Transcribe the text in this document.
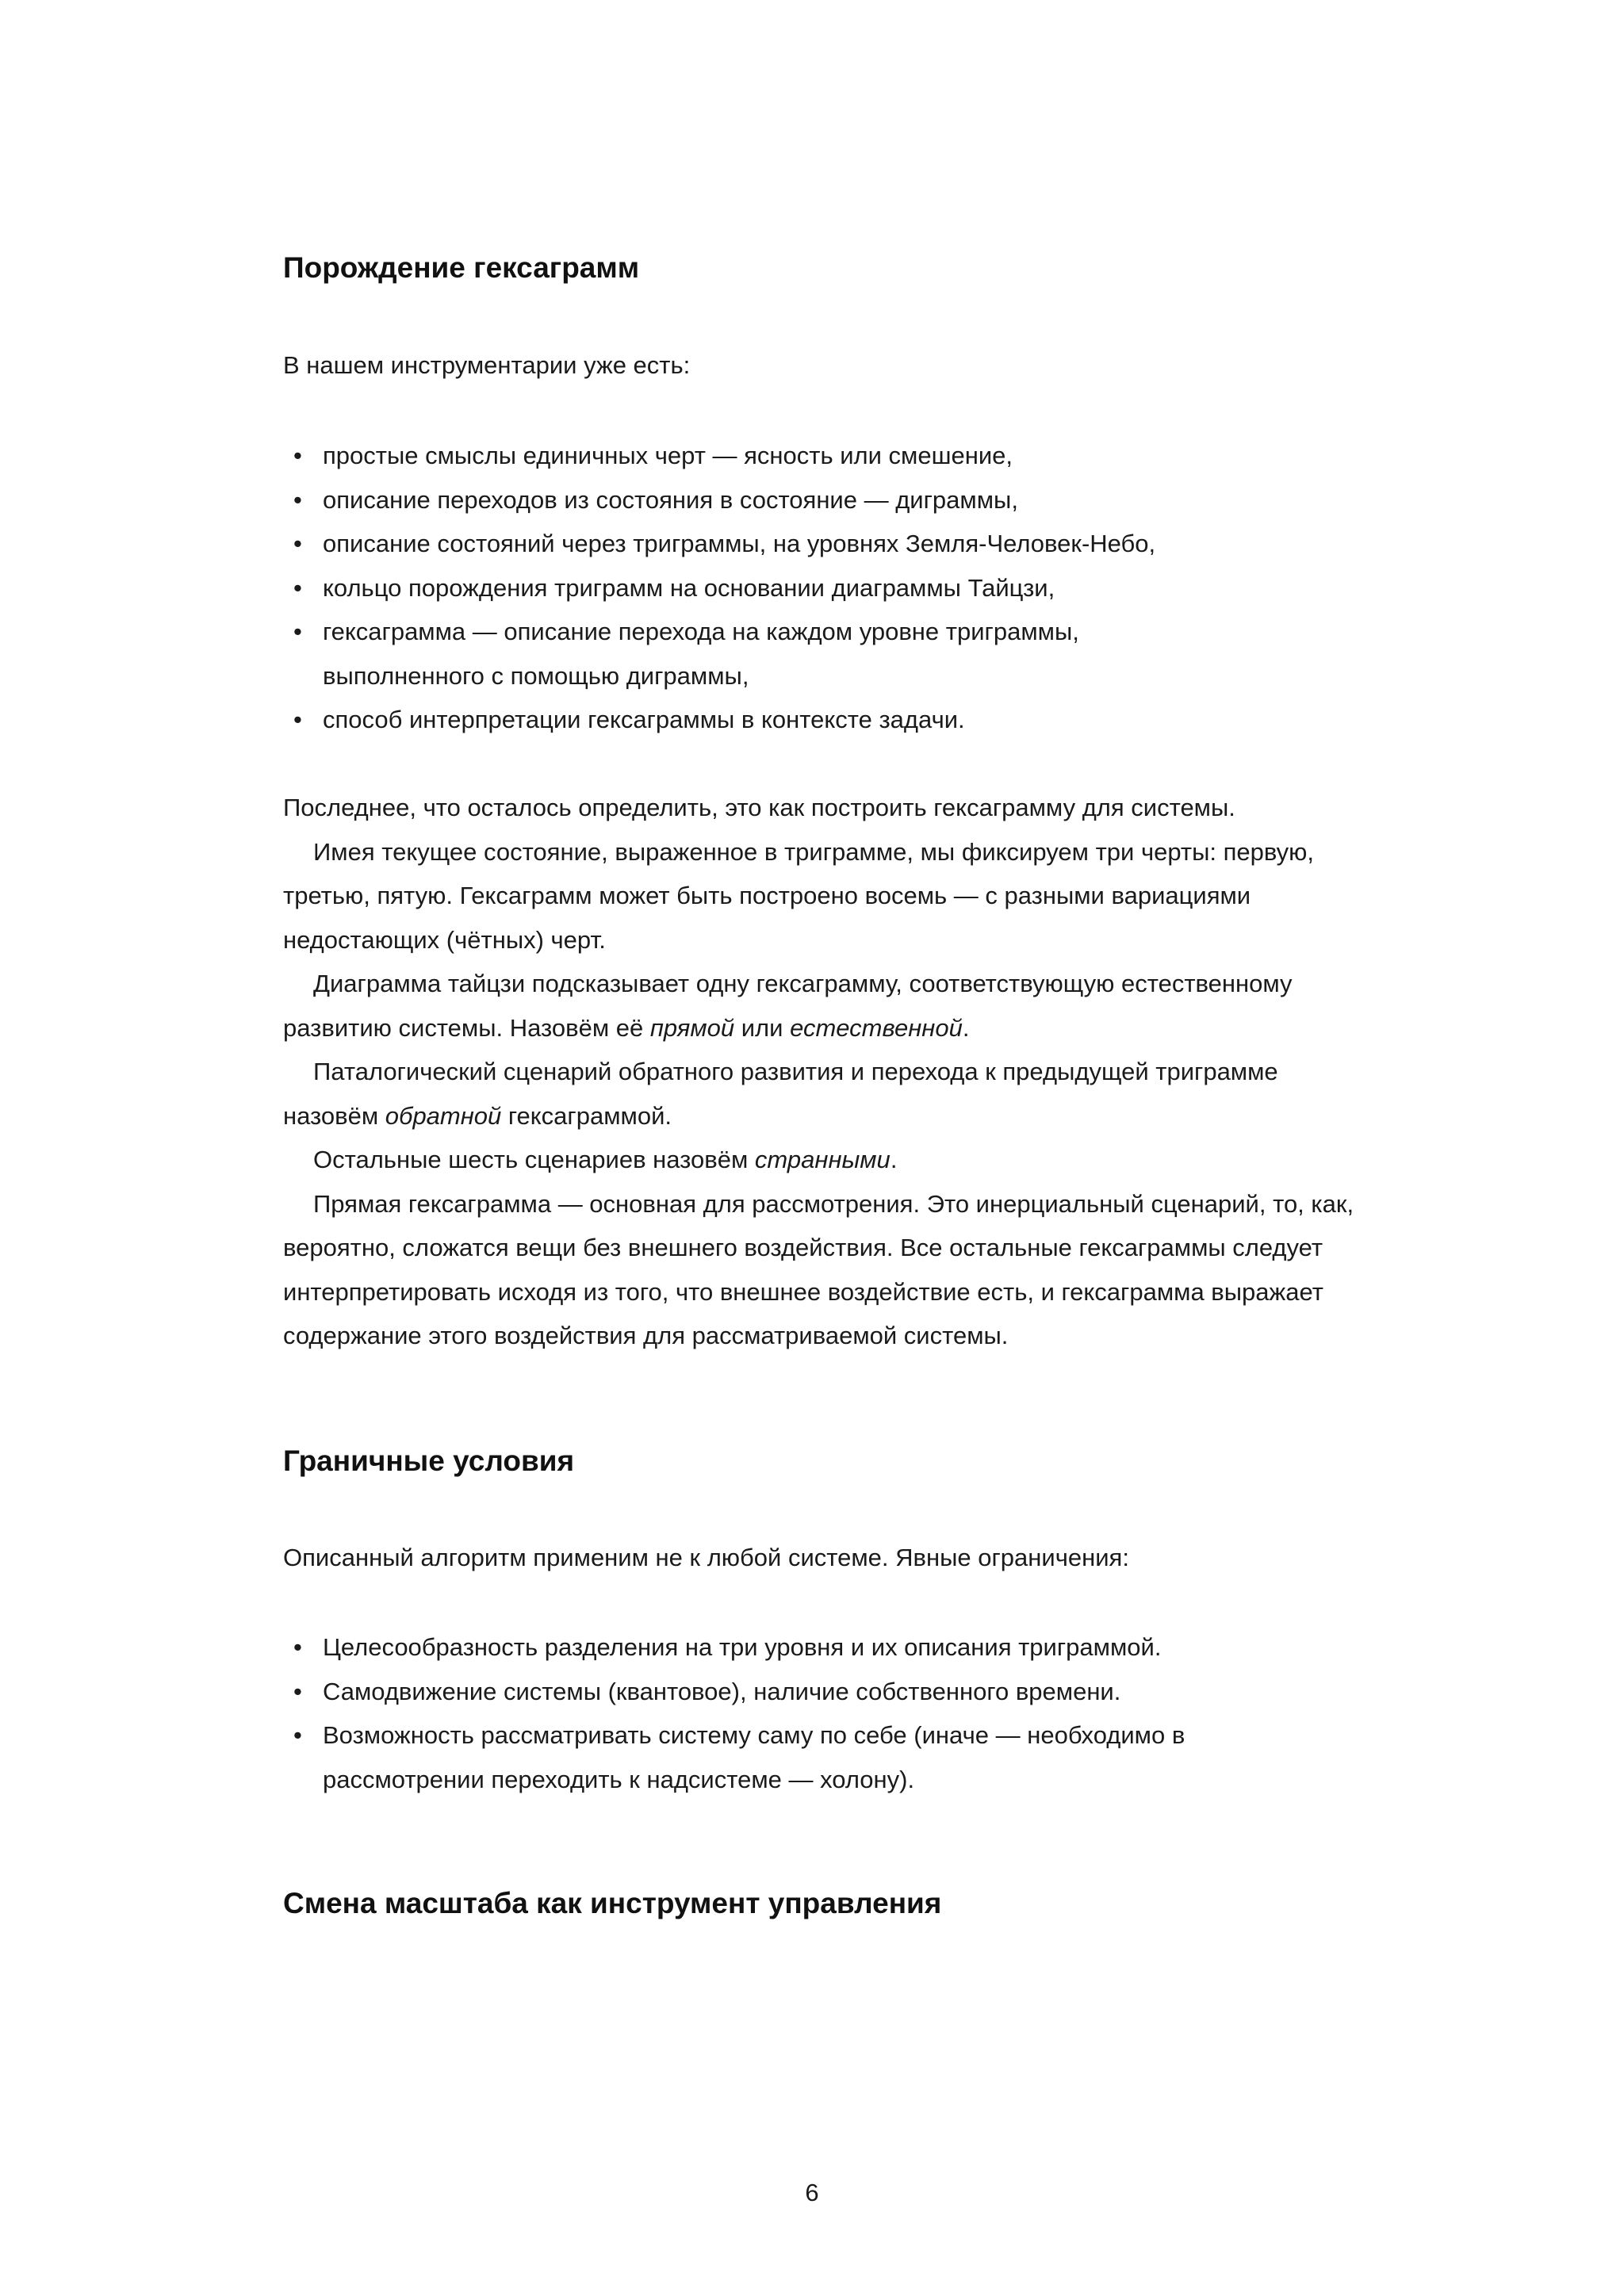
Порождение гексаграмм

В нашем инструментарии уже есть:

• простые смыслы единичных черт — ясность или смешение,
• описание переходов из состояния в состояние — диграммы,
• описание состояний через триграммы, на уровнях Земля-Человек-Небо,
• кольцо порождения триграмм на основании диаграммы Тайцзи,
• гексаграмма — описание перехода на каждом уровне триграммы, выполненного с помощью диграммы,
• способ интерпретации гексаграммы в контексте задачи.

Последнее, что осталось определить, это как построить гексаграмму для системы.

Имея текущее состояние, выраженное в триграмме, мы фиксируем три черты: первую, третью, пятую. Гексаграмм может быть построено восемь — с разными вариациями недостающих (чётных) черт.

Диаграмма тайцзи подсказывает одну гексаграмму, соответствующую естественному развитию системы. Назовём её прямой или естественной.

Паталогический сценарий обратного развития и перехода к предыдущей триграмме назовём обратной гексаграммой.

Остальные шесть сценариев назовём странными.

Прямая гексаграмма — основная для рассмотрения. Это инерциальный сценарий, то, как, вероятно, сложатся вещи без внешнего воздействия. Все остальные гексаграммы следует интерпретировать исходя из того, что внешнее воздействие есть, и гексаграмма выражает содержание этого воздействия для рассматриваемой системы.

Граничные условия

Описанный алгоритм применим не к любой системе. Явные ограничения:

• Целесообразность разделения на три уровня и их описания триграммой.
• Самодвижение системы (квантовое), наличие собственного времени.
• Возможность рассматривать систему саму по себе (иначе — необходимо в рассмотрении переходить к надсистеме — холону).
Смена масштаба как инструмент управления
6
